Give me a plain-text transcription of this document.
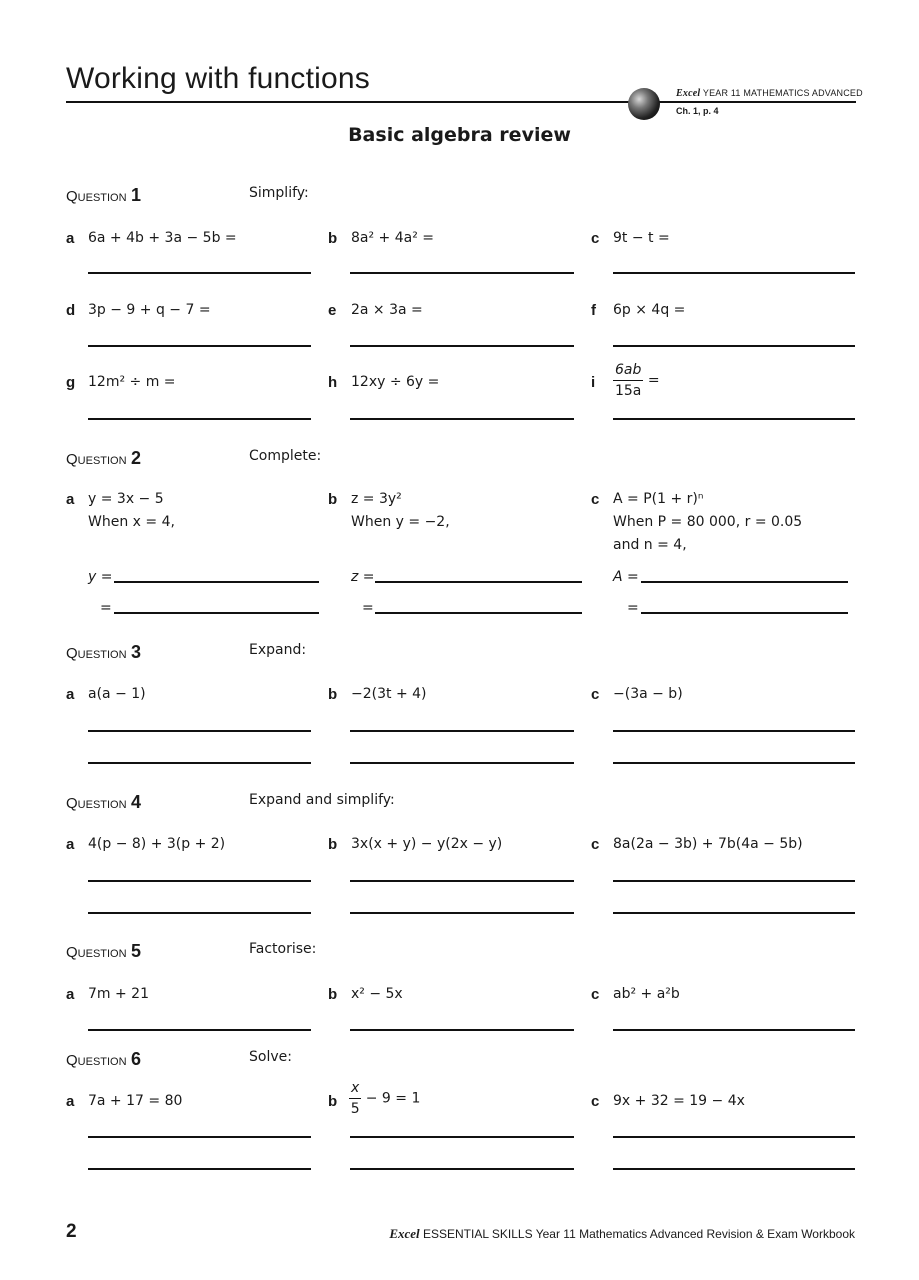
Working with functions	Excel YEAR 11 MATHEMATICS ADVANCED
Ch. 1, p. 4
Basic algebra review
Question 1	Simplify:
a 6a + 4b + 3a − 5b =	b 8a² + 4a² =	c 9t − t =
d 3p − 9 + q − 7 =	e 2a × 3a =	f 6p × 4q =
g 12m² ÷ m =	h 12xy ÷ 6y =	i $\frac{6ab}{15a}$ =
Question 2	Complete:
a y = 3x − 5
When x = 4,
y =
=
b z = 3y²
When y = −2,
z =
=
c A = P(1 + r)ⁿ
When P = 80 000, r = 0.05
and n = 4,
A =
=
Question 3	Expand:
a a(a − 1)	b −2(3t + 4)	c −(3a − b)
Question 4	Expand and simplify:
a 4(p − 8) + 3(p + 2)	b 3x(x + y) − y(2x − y)	c 8a(2a − 3b) + 7b(4a − 5b)
Question 5	Factorise:
a 7m + 21	b x² − 5x	c ab² + a²b
Question 6	Solve:
a 7a + 17 = 80	b $\frac{x}{5} - 9 = 1$	c 9x + 32 = 19 − 4x
2	Excel ESSENTIAL SKILLS Year 11 Mathematics Advanced Revision & Exam Workbook
